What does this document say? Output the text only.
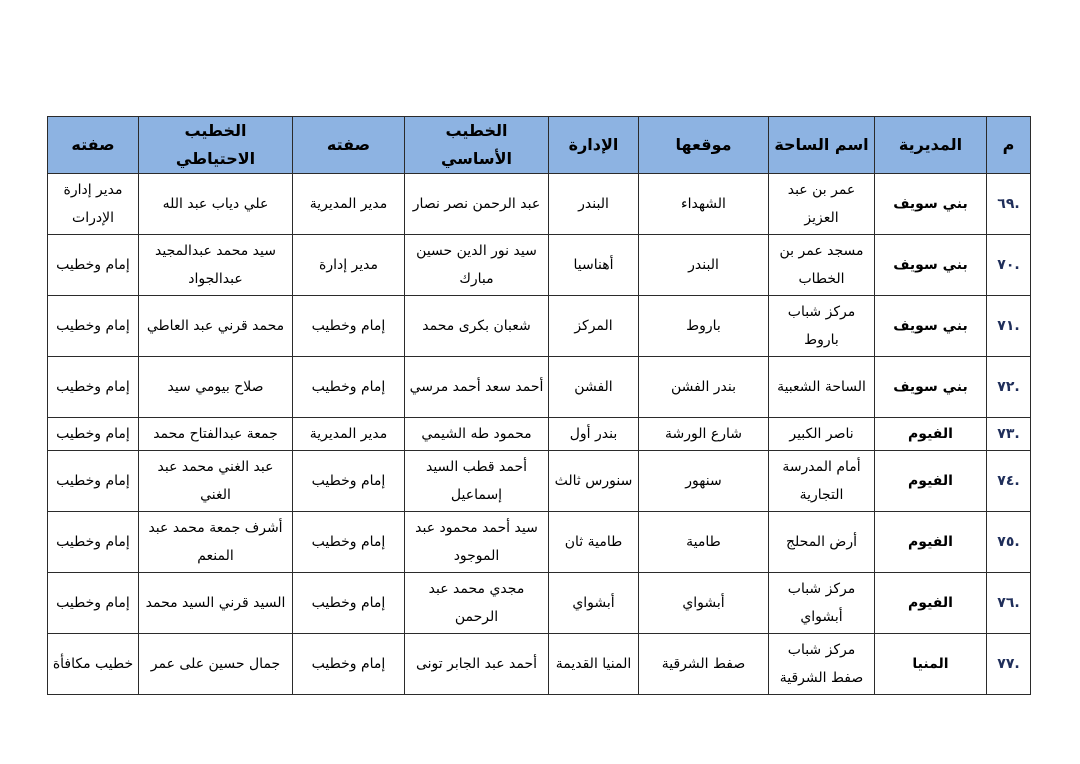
م	المديرية	اسم الساحة	موقعها	الإدارة	الخطيب الأساسي	صفته	الخطيب الاحتياطي	صفته
٦٩.	بني سويف	عمر بن عبد العزيز	الشهداء	البندر	عبد الرحمن نصر نصار	مدير المديرية	علي دياب عبد الله	مدير إدارة الإدرات
٧٠.	بني سويف	مسجد عمر بن الخطاب	البندر	أهناسيا	سيد نور الدين حسين مبارك	مدير إدارة	سيد محمد عبدالمجيد عبدالجواد	إمام وخطيب
٧١.	بني سويف	مركز شباب باروط	باروط	المركز	شعبان بكرى محمد	إمام وخطيب	محمد قرني عبد العاطي	إمام وخطيب
٧٢.	بني سويف	الساحة الشعبية	بندر الفشن	الفشن	أحمد سعد أحمد مرسي	إمام وخطيب	صلاح بيومي سيد	إمام وخطيب
٧٣.	الفيوم	ناصر الكبير	شارع الورشة	بندر أول	محمود طه الشيمي	مدير المديرية	جمعة عبدالفتاح محمد	إمام وخطيب
٧٤.	الفيوم	أمام المدرسة التجارية	سنهور	سنورس ثالث	أحمد قطب السيد إسماعيل	إمام وخطيب	عبد الغني محمد عبد الغني	إمام وخطيب
٧٥.	الفيوم	أرض المحلج	طامية	طامية ثان	سيد أحمد محمود عبد الموجود	إمام وخطيب	أشرف جمعة محمد عبد المنعم	إمام وخطيب
٧٦.	الفيوم	مركز شباب أبشواي	أبشواي	أبشواي	مجدي محمد عبد الرحمن	إمام وخطيب	السيد قرني السيد محمد	إمام وخطيب
٧٧.	المنيا	مركز شباب صفط الشرقية	صفط الشرقية	المنيا القديمة	أحمد عبد الجابر تونى	إمام وخطيب	جمال حسين على عمر	خطيب مكافأة
